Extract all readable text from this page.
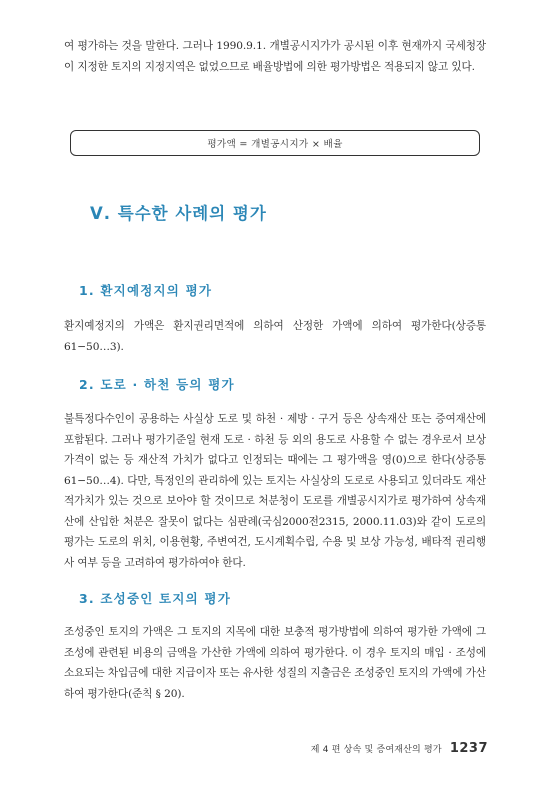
여 평가하는 것을 말한다. 그러나 1990.9.1. 개별공시지가가 공시된 이후 현재까지 국세청장이 지정한 토지의 지정지역은 없었으므로 배율방법에 의한 평가방법은 적용되지 않고 있다.

평가액 = 개별공시지가 × 배율
Ⅴ. 특수한 사례의 평가
1. 환지예정지의 평가

환지예정지의 가액은 환지권리면적에 의하여 산정한 가액에 의하여 평가한다(상증통 61−50…3).

2. 도로 · 하천 등의 평가

불특정다수인이 공용하는 사실상 도로 및 하천 · 제방 · 구거 등은 상속재산 또는 증여재산에 포함된다. 그러나 평가기준일 현재 도로 · 하천 등 외의 용도로 사용할 수 없는 경우로서 보상가격이 없는 등 재산적 가치가 없다고 인정되는 때에는 그 평가액을 영(0)으로 한다(상증통 61−50…4). 다만, 특정인의 관리하에 있는 토지는 사실상의 도로로 사용되고 있더라도 재산적가치가 있는 것으로 보아야 할 것이므로 처분청이 도로를 개별공시지가로 평가하여 상속재산에 산입한 처분은 잘못이 없다는 심판례(국심2000전2315, 2000.11.03)와 같이 도로의 평가는 도로의 위치, 이용현황, 주변여건, 도시계획수립, 수용 및 보상 가능성, 배타적 권리행사 여부 등을 고려하여 평가하여야 한다.

3. 조성중인 토지의 평가

조성중인 토지의 가액은 그 토지의 지목에 대한 보충적 평가방법에 의하여 평가한 가액에 그 조성에 관련된 비용의 금액을 가산한 가액에 의하여 평가한다. 이 경우 토지의 매입 · 조성에 소요되는 차입금에 대한 지급이자 또는 유사한 성질의 지출금은 조성중인 토지의 가액에 가산하여 평가한다(준칙 § 20).

제 4 편 상속 및 증여재산의 평가 1237
